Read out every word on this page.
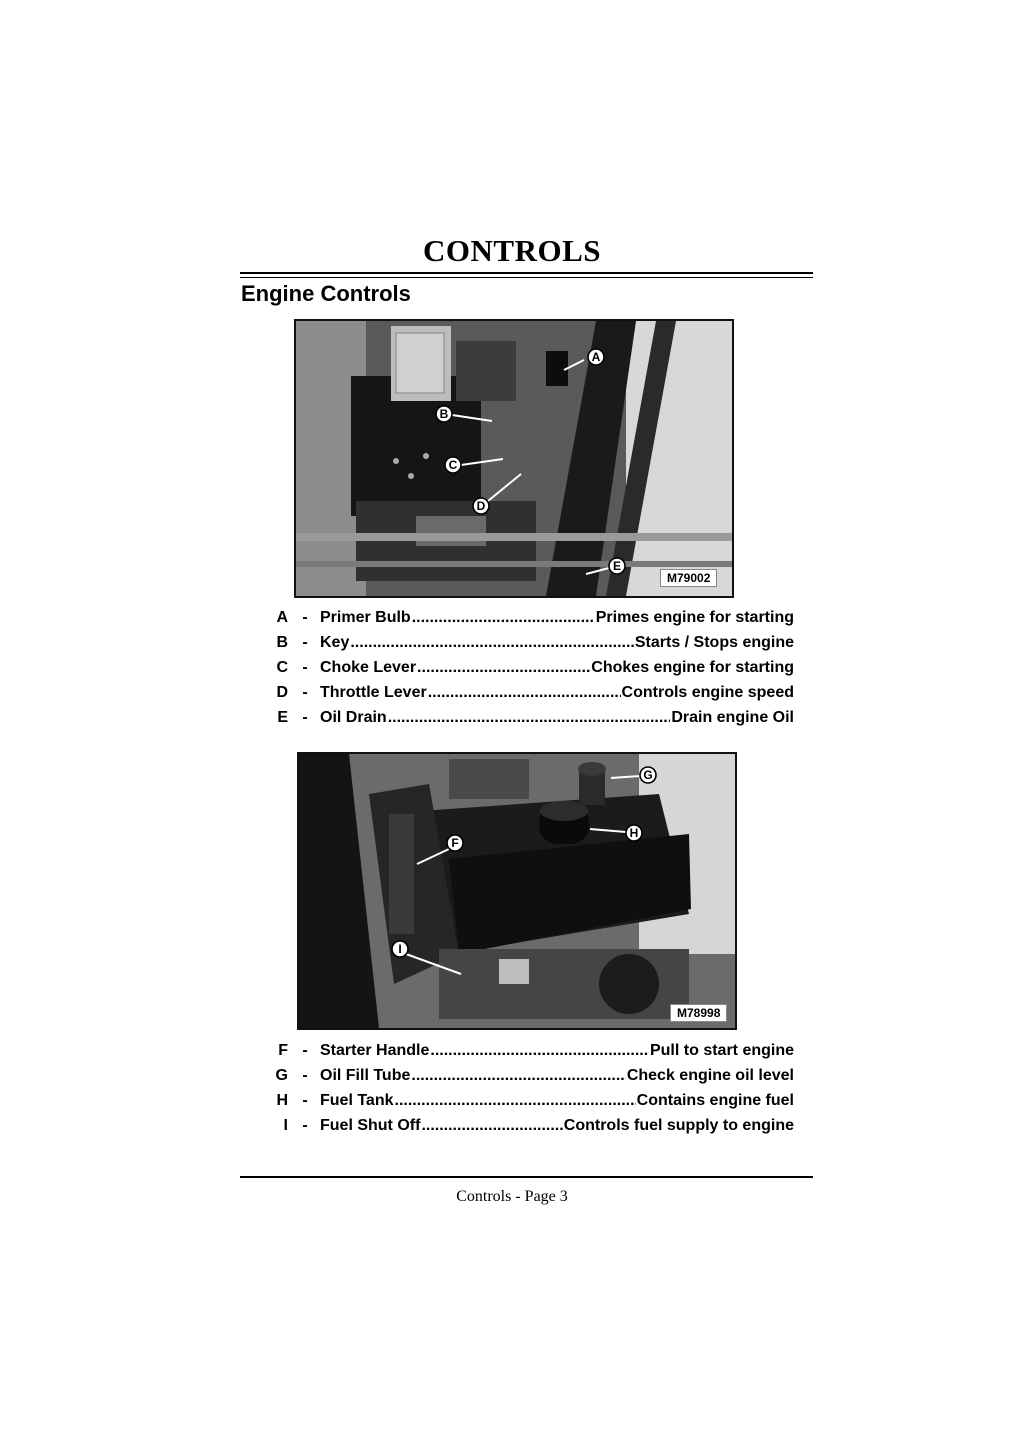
CONTROLS
Engine Controls
A
B
C
D
E
M79002
A - Primer Bulb .....	Primes engine for starting
B - Key .....	Starts / Stops engine
C - Choke Lever .....	Chokes engine for starting
D - Throttle Lever .....	Controls engine speed
E - Oil Drain .....	Drain engine Oil
F
G
H
I
M78998
F - Starter Handle .....	Pull to start engine
G - Oil Fill Tube .....	Check engine oil level
H - Fuel Tank .....	Contains engine fuel
I - Fuel Shut Off .....	Controls fuel supply to engine
Controls - Page 3
